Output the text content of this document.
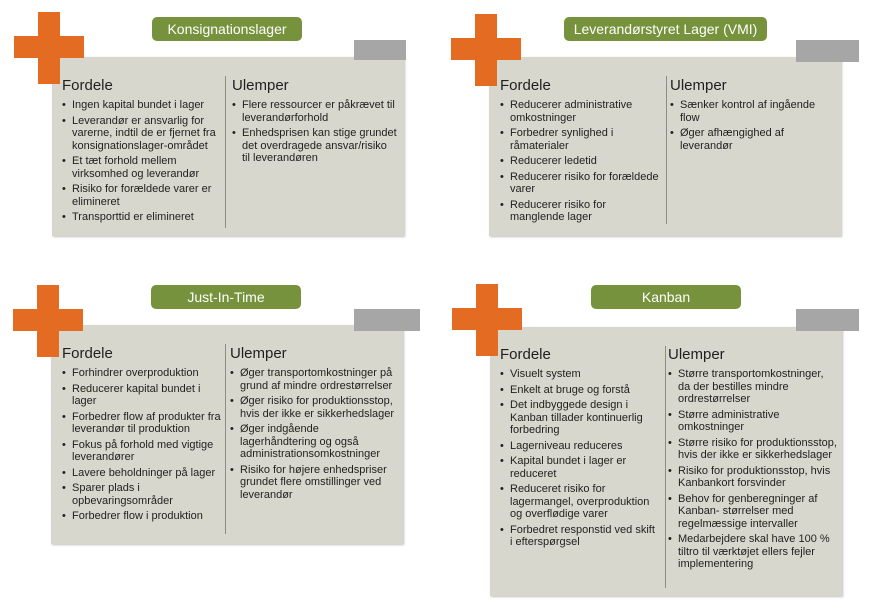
Konsignationslager
Fordele
• Ingen kapital bundet i lager
• Leverandør er ansvarlig for varerne, indtil de er fjernet fra konsignationslager-området
• Et tæt forhold mellem virksomhed og leverandør
• Risiko for forældede varer er elimineret
• Transporttid er elimineret
Ulemper
• Flere ressourcer er påkrævet til leverandørforhold
• Enhedsprisen kan stige grundet det overdragede ansvar/risiko til leverandøren
Leverandørstyret Lager (VMI)
Fordele
• Reducerer administrative omkostninger
• Forbedrer synlighed i råmaterialer
• Reducerer ledetid
• Reducerer risiko for forældede varer
• Reducerer risiko for manglende lager
Ulemper
• Sænker kontrol af ingående flow
• Øger afhængighed af leverandør
Just-In-Time
Fordele
• Forhindrer overproduktion
• Reducerer kapital bundet i lager
• Forbedrer flow af produkter fra leverandør til produktion
• Fokus på forhold med vigtige leverandører
• Lavere beholdninger på lager
• Sparer plads i opbevaringsområder
• Forbedrer flow i produktion
Ulemper
• Øger transportomkostninger på grund af mindre ordrestørrelser
• Øger risiko for produktionsstop, hvis der ikke er sikkerhedslager
• Øger indgående lagerhåndtering og også administrationsomkostninger
• Risiko for højere enhedspriser grundet flere omstillinger ved leverandør
Kanban
Fordele
• Visuelt system
• Enkelt at bruge og forstå
• Det indbyggede design i Kanban tillader kontinuerlig forbedring
• Lagerniveau reduceres
• Kapital bundet i lager er reduceret
• Reduceret risiko for lagermangel, overproduktion og overflødige varer
• Forbedret responstid ved skift i efterspørgsel
Ulemper
• Større transportomkostninger, da der bestilles mindre ordrestørrelser
• Større administrative omkostninger
• Større risiko for produktionsstop, hvis der ikke er sikkerhedslager
• Risiko for produktionsstop, hvis Kanbankort forsvinder
• Behov for genberegninger af Kanban- størrelser med regelmæssige intervaller
• Medarbejdere skal have 100 % tiltro til værktøjet ellers fejler implementering
